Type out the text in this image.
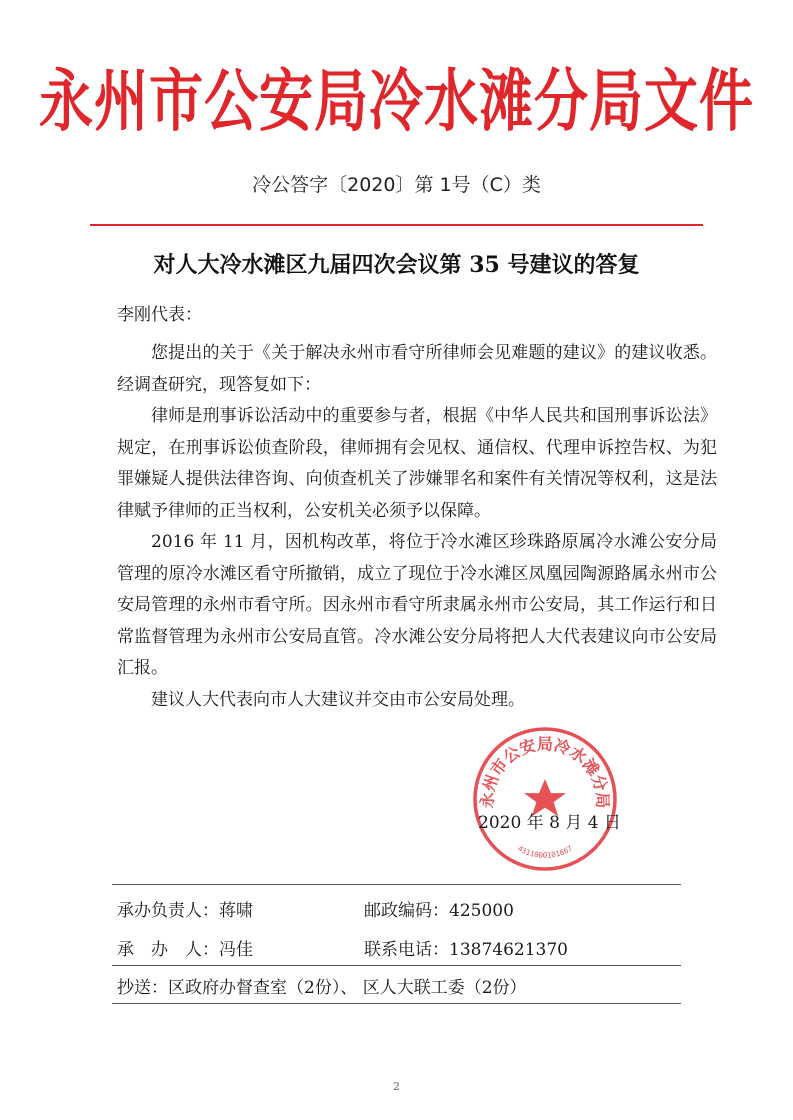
永州市公安局冷水滩分局文件
冷公答字〔2020〕第 1号（C）类
对人大冷水滩区九届四次会议第 35 号建议的答复
李刚代表：

您提出的关于《关于解决永州市看守所律师会见难题的建议》的建议收悉。经调查研究，现答复如下：

律师是刑事诉讼活动中的重要参与者，根据《中华人民共和国刑事诉讼法》规定，在刑事诉讼侦查阶段，律师拥有会见权、通信权、代理申诉控告权、为犯罪嫌疑人提供法律咨询、向侦查机关了涉嫌罪名和案件有关情况等权利，这是法律赋予律师的正当权利，公安机关必须予以保障。

2016 年 11 月，因机构改革，将位于冷水滩区珍珠路原属冷水滩公安分局管理的原冷水滩区看守所撤销，成立了现位于冷水滩区凤凰园陶源路属永州市公安局管理的永州市看守所。因永州市看守所隶属永州市公安局，其工作运行和日常监督管理为永州市公安局直管。冷水滩公安分局将把人大代表建议向市公安局汇报。

建议人大代表向市人大建议并交由市公安局处理。

永州市公安局冷水滩分局
4311000101667
2020 年 8 月 4 日
承办负责人：蒋啸	邮政编码：425000
承　办　人：冯佳	联系电话：13874621370
抄送：区政府办督查室（2份）、 区人大联工委（2份）
2
